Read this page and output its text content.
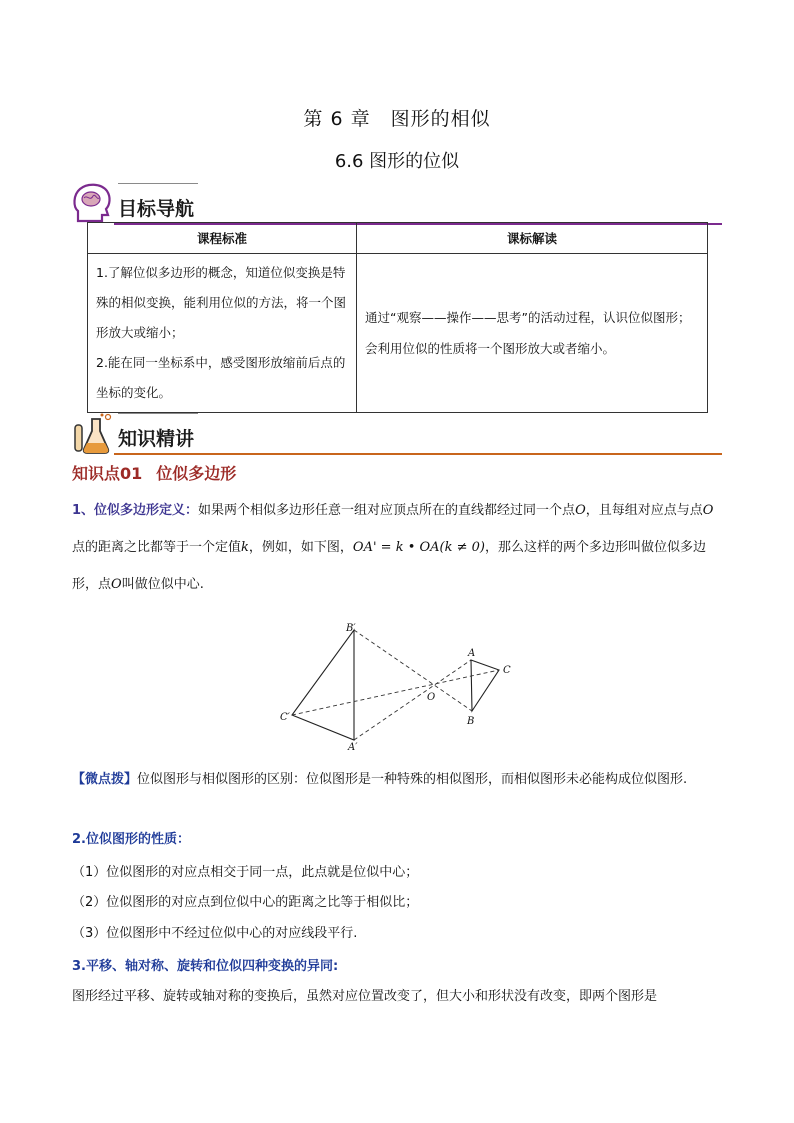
第 6 章　图形的相似
6.6 图形的位似
目标导航
课程标准	课标解读

1.了解位似多边形的概念，知道位似变换是特殊的相似变换，能利用位似的方法，将一个图形放大或缩小；

2.能在同一坐标系中，感受图形放缩前后点的坐标的变化。	通过“观察——操作——思考”的活动过程，认识位似图形；会利用位似的性质将一个图形放大或者缩小。
知识精讲
知识点01 位似多边形
1、位似多边形定义：如果两个相似多边形任意一组对应顶点所在的直线都经过同一个点O，且每组对应点与点O点的距离之比都等于一个定值k，例如，如下图，OA' = k • OA(k ≠ 0)，那么这样的两个多边形叫做位似多边形，点O叫做位似中心.
B′
A
C
O
C′	B
A′
【微点拨】位似图形与相似图形的区别：位似图形是一种特殊的相似图形，而相似图形未必能构成位似图形.
2.位似图形的性质：
（1）位似图形的对应点相交于同一点，此点就是位似中心；
（2）位似图形的对应点到位似中心的距离之比等于相似比；
（3）位似图形中不经过位似中心的对应线段平行.
3.平移、轴对称、旋转和位似四种变换的异同:
图形经过平移、旋转或轴对称的变换后，虽然对应位置改变了，但大小和形状没有改变，即两个图形是
